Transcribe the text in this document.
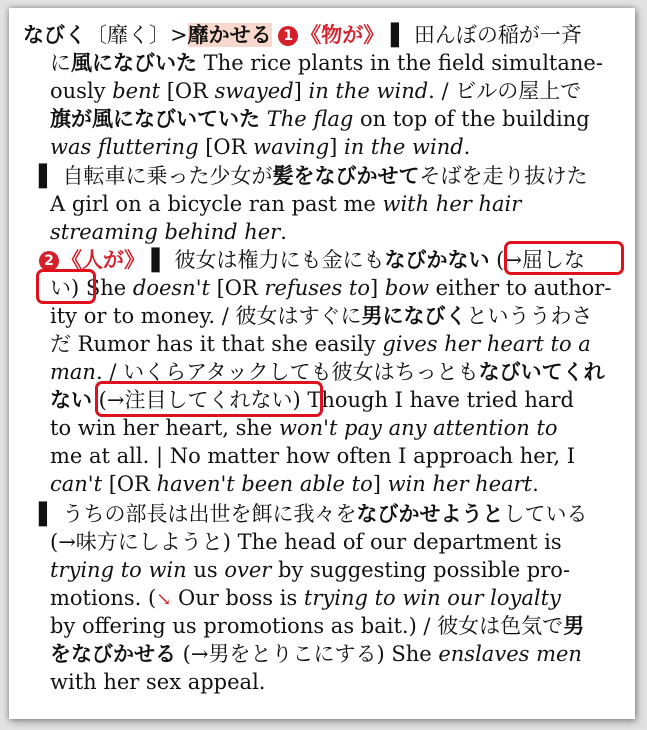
なびく〔靡く〕>靡かせる 1 《物が》 ▌ 田んぼの稲が一斉
に風になびいた The rice plants in the field simultane-
ously bent [OR swayed] in the wind. / ビルの屋上で
旗が風になびいていた The flag on top of the building
was fluttering [OR waving] in the wind.
▌ 自転車に乗った少女が髪をなびかせてそばを走り抜けた
A girl on a bicycle ran past me with her hair
streaming behind her.
2 《人が》 ▌ 彼女は権力にも金にもなびかない (→屈しな
い) She doesn't [OR refuses to] bow either to author-
ity or to money. / 彼女はすぐに男になびくといううわさ
だ Rumor has it that she easily gives her heart to a
man. / いくらアタックしても彼女はちっともなびいてくれ
ない (→注目してくれない) Though I have tried hard
to win her heart, she won't pay any attention to
me at all. | No matter how often I approach her, I
can't [OR haven't been able to] win her heart.
▌ うちの部長は出世を餌に我々をなびかせようとしている
(→味方にしようと) The head of our department is
trying to win us over by suggesting possible pro-
motions. (↘ Our boss is trying to win our loyalty
by offering us promotions as bait.) / 彼女は色気で男
をなびかせる (→男をとりこにする) She enslaves men
with her sex appeal.
